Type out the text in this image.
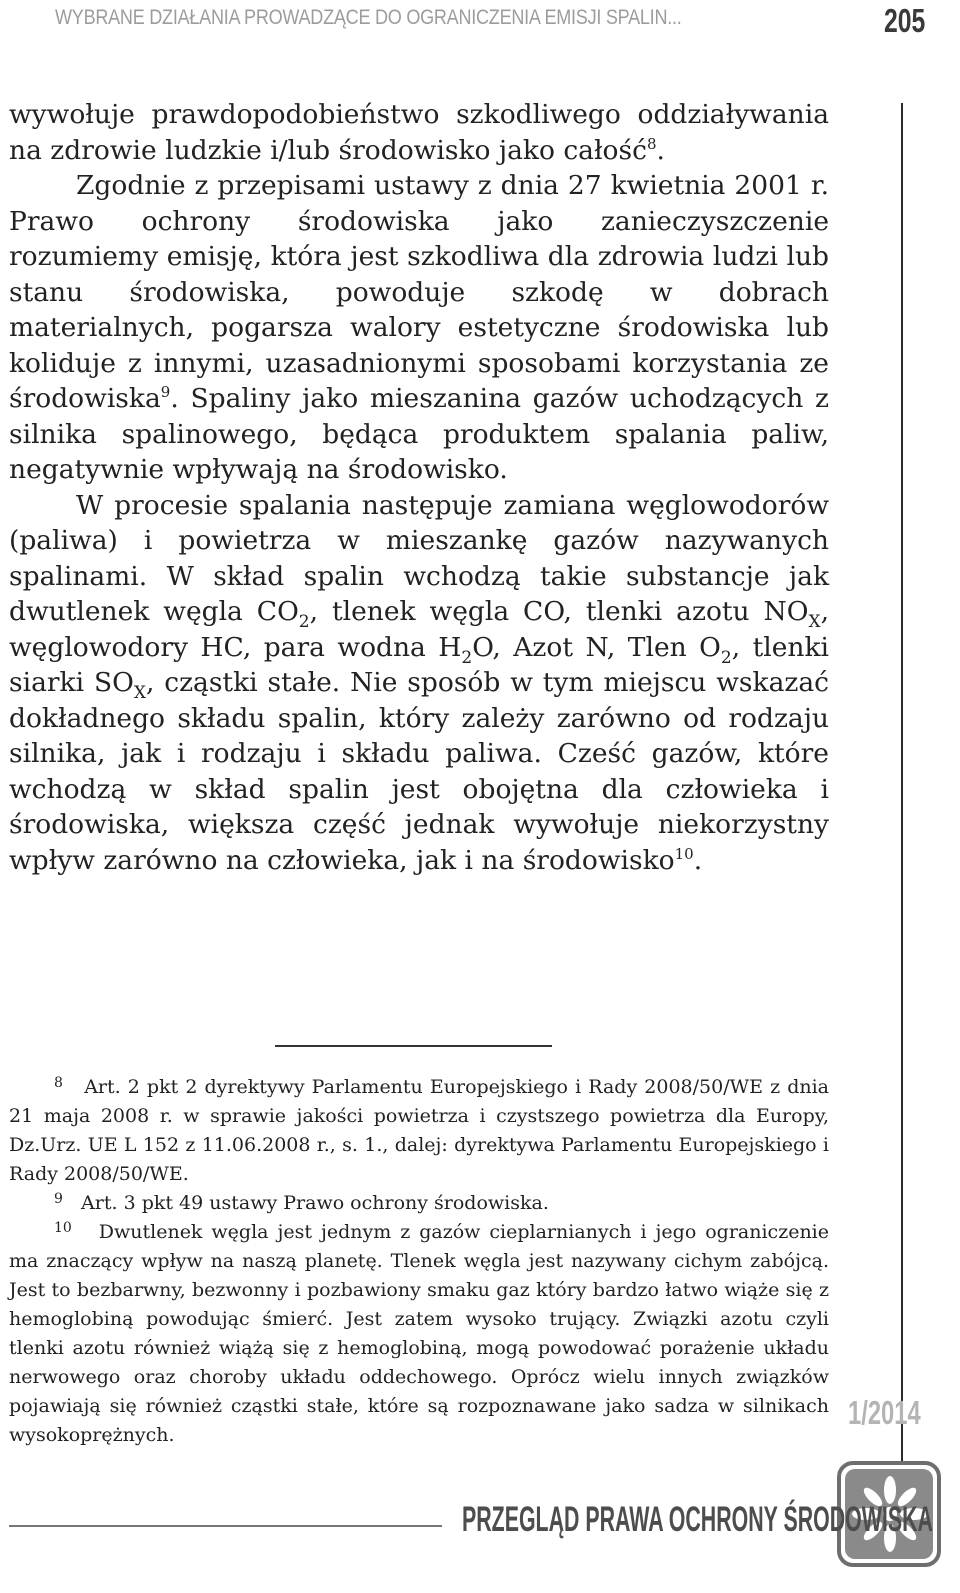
WYBRANE DZIAŁANIA PROWADZĄCE DO OGRANICZENIA EMISJI SPALIN...	205

wywołuje prawdopodobieństwo szkodliwego oddziaływania na zdrowie ludzkie i/lub środowisko jako całość$^8$.

Zgodnie z przepisami ustawy z dnia 27 kwietnia 2001 r. Prawo ochrony środowiska jako zanieczyszczenie rozumiemy emisję, która jest szkodliwa dla zdrowia ludzi lub stanu środowiska, powoduje szkodę w dobrach materialnych, pogarsza walory estetyczne środowiska lub koliduje z innymi, uzasadnionymi sposobami korzystania ze środowiska$^9$. Spaliny jako mieszanina gazów uchodzących z silnika spalinowego, będąca produktem spalania paliw, negatywnie wpływają na środowisko.

W procesie spalania następuje zamiana węglowodorów (paliwa) i powietrza w mieszankę gazów nazywanych spalinami. W skład spalin wchodzą takie substancje jak dwutlenek węgla $CO_2$, tlenek węgla CO, tlenki azotu $NO_X$, węglowodory HC, para wodna $H_2O$, Azot N, Tlen $O_2$, tlenki siarki $SO_X$, cząstki stałe. Nie sposób w tym miejscu wskazać dokładnego składu spalin, który zależy zarówno od rodzaju silnika, jak i rodzaju i składu paliwa. Cześć gazów, które wchodzą w skład spalin jest obojętna dla człowieka i środowiska, większa część jednak wywołuje niekorzystny wpływ zarówno na człowieka, jak i na środowisko$^{10}$.

$^8$ Art. 2 pkt 2 dyrektywy Parlamentu Europejskiego i Rady 2008/50/WE z dnia 21 maja 2008 r. w sprawie jakości powietrza i czystszego powietrza dla Europy, Dz.Urz. UE L 152 z 11.06.2008 r., s. 1., dalej: dyrektywa Parlamentu Europejskiego i Rady 2008/50/WE.

$^9$ Art. 3 pkt 49 ustawy Prawo ochrony środowiska.

$^{10}$ Dwutlenek węgla jest jednym z gazów cieplarnianych i jego ograniczenie ma znaczący wpływ na naszą planetę. Tlenek węgla jest nazywany cichym zabójcą. Jest to bezbarwny, bezwonny i pozbawiony smaku gaz który bardzo łatwo wiąże się z hemoglobiną powodując śmierć. Jest zatem wysoko trujący. Związki azotu czyli tlenki azotu również wiążą się z hemoglobiną, mogą powodować porażenie układu nerwowego oraz choroby układu oddechowego. Oprócz wielu innych związków pojawiają się również cząstki stałe, które są rozpoznawane jako sadza w silnikach wysokoprężnych.

1/2014
PRZEGLĄD PRAWA OCHRONY ŚRODOWISKA
